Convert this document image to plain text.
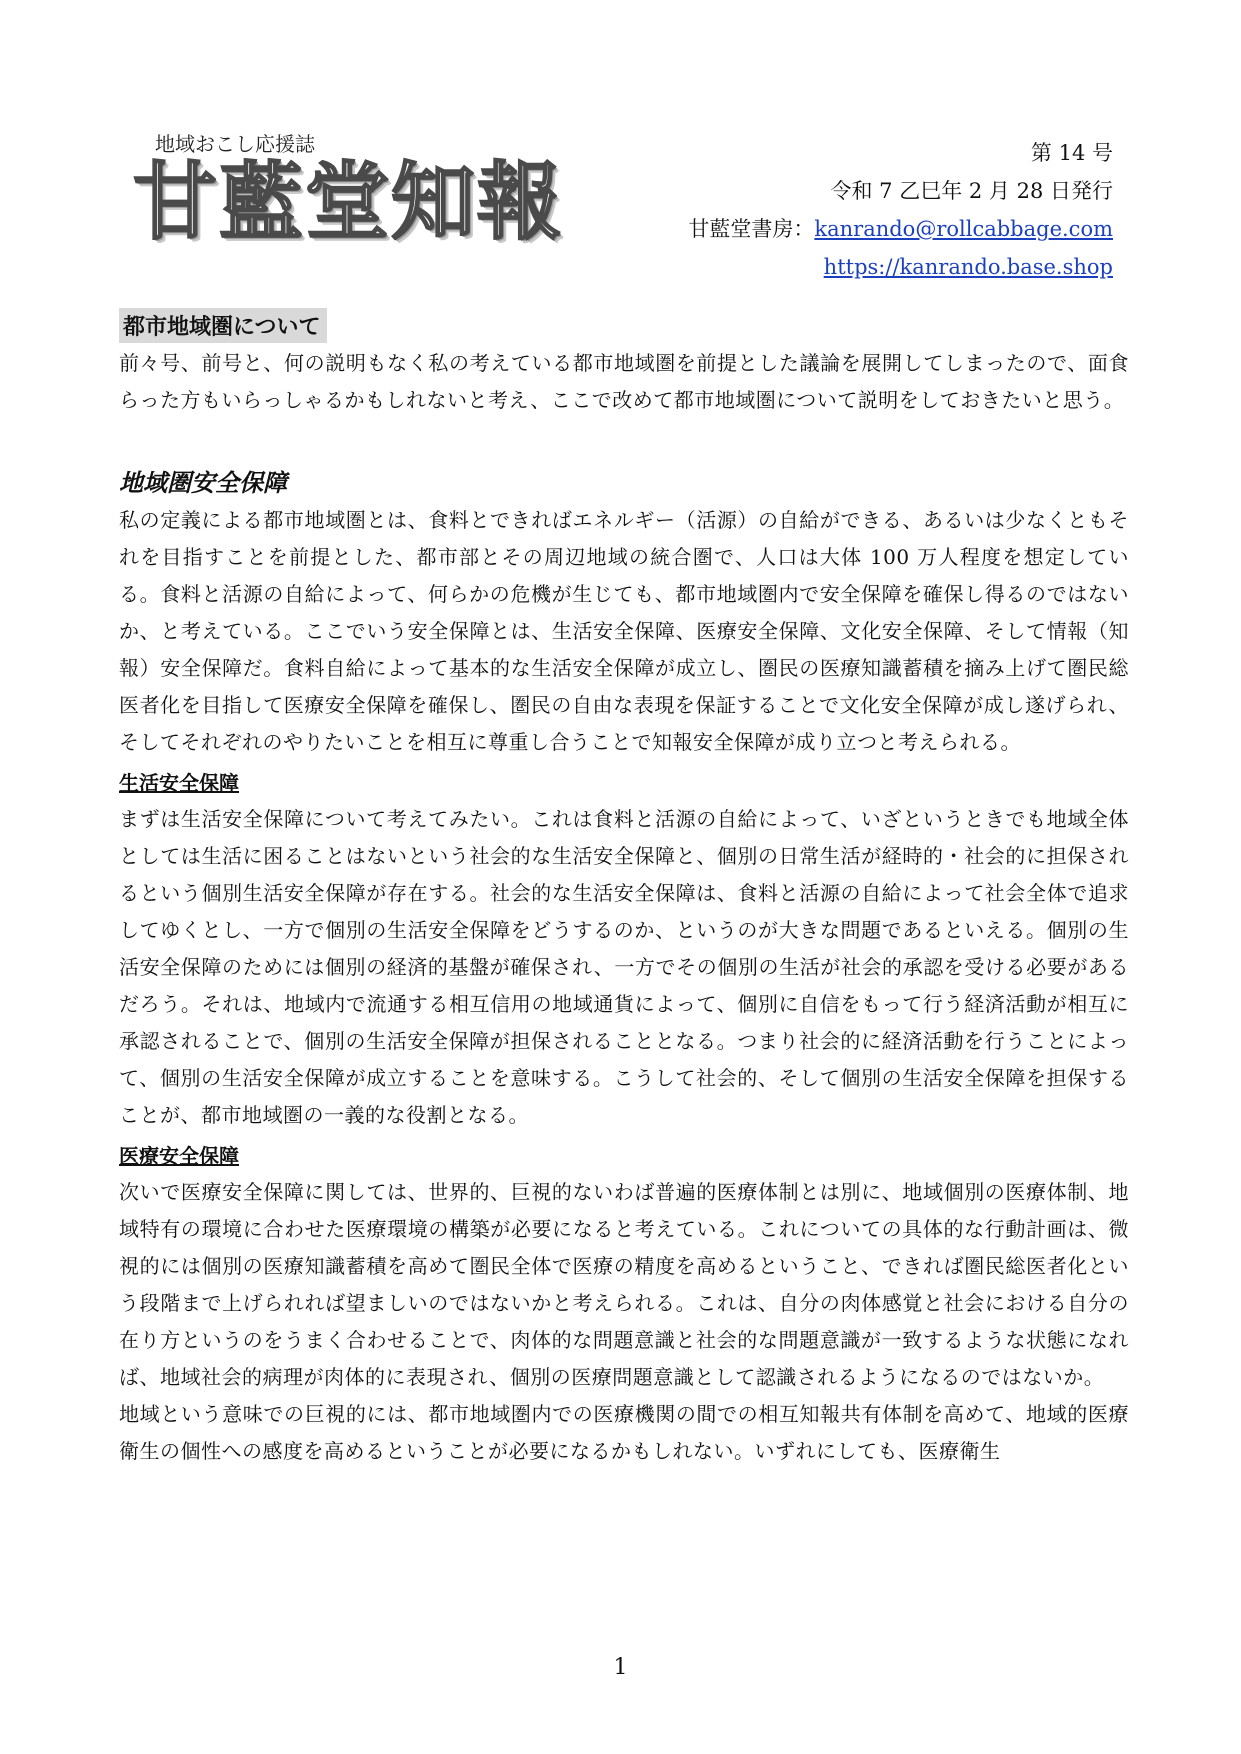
地域おこし応援誌
甘藍堂知報	第 14 号
令和 7 乙巳年 2 月 28 日発行
甘藍堂書房：kanrando@rollcabbage.com
https://kanrando.base.shop
都市地域圏について

前々号、前号と、何の説明もなく私の考えている都市地域圏を前提とした議論を展開してしまったので、面食らった方もいらっしゃるかもしれないと考え、ここで改めて都市地域圏について説明をしておきたいと思う。

地域圏安全保障

私の定義による都市地域圏とは、食料とできればエネルギー（活源）の自給ができる、あるいは少なくともそれを目指すことを前提とした、都市部とその周辺地域の統合圏で、人口は大体 100 万人程度を想定している。食料と活源の自給によって、何らかの危機が生じても、都市地域圏内で安全保障を確保し得るのではないか、と考えている。ここでいう安全保障とは、生活安全保障、医療安全保障、文化安全保障、そして情報（知報）安全保障だ。食料自給によって基本的な生活安全保障が成立し、圏民の医療知識蓄積を摘み上げて圏民総医者化を目指して医療安全保障を確保し、圏民の自由な表現を保証することで文化安全保障が成し遂げられ、そしてそれぞれのやりたいことを相互に尊重し合うことで知報安全保障が成り立つと考えられる。

生活安全保障

まずは生活安全保障について考えてみたい。これは食料と活源の自給によって、いざというときでも地域全体としては生活に困ることはないという社会的な生活安全保障と、個別の日常生活が経時的・社会的に担保されるという個別生活安全保障が存在する。社会的な生活安全保障は、食料と活源の自給によって社会全体で追求してゆくとし、一方で個別の生活安全保障をどうするのか、というのが大きな問題であるといえる。個別の生活安全保障のためには個別の経済的基盤が確保され、一方でその個別の生活が社会的承認を受ける必要があるだろう。それは、地域内で流通する相互信用の地域通貨によって、個別に自信をもって行う経済活動が相互に承認されることで、個別の生活安全保障が担保されることとなる。つまり社会的に経済活動を行うことによって、個別の生活安全保障が成立することを意味する。こうして社会的、そして個別の生活安全保障を担保することが、都市地域圏の一義的な役割となる。

医療安全保障

次いで医療安全保障に関しては、世界的、巨視的ないわば普遍的医療体制とは別に、地域個別の医療体制、地域特有の環境に合わせた医療環境の構築が必要になると考えている。これについての具体的な行動計画は、微視的には個別の医療知識蓄積を高めて圏民全体で医療の精度を高めるということ、できれば圏民総医者化という段階まで上げられれば望ましいのではないかと考えられる。これは、自分の肉体感覚と社会における自分の在り方というのをうまく合わせることで、肉体的な問題意識と社会的な問題意識が一致するような状態になれば、地域社会的病理が肉体的に表現され、個別の医療問題意識として認識されるようになるのではないか。

地域という意味での巨視的には、都市地域圏内での医療機関の間での相互知報共有体制を高めて、地域的医療衛生の個性への感度を高めるということが必要になるかもしれない。いずれにしても、医療衛生

1
